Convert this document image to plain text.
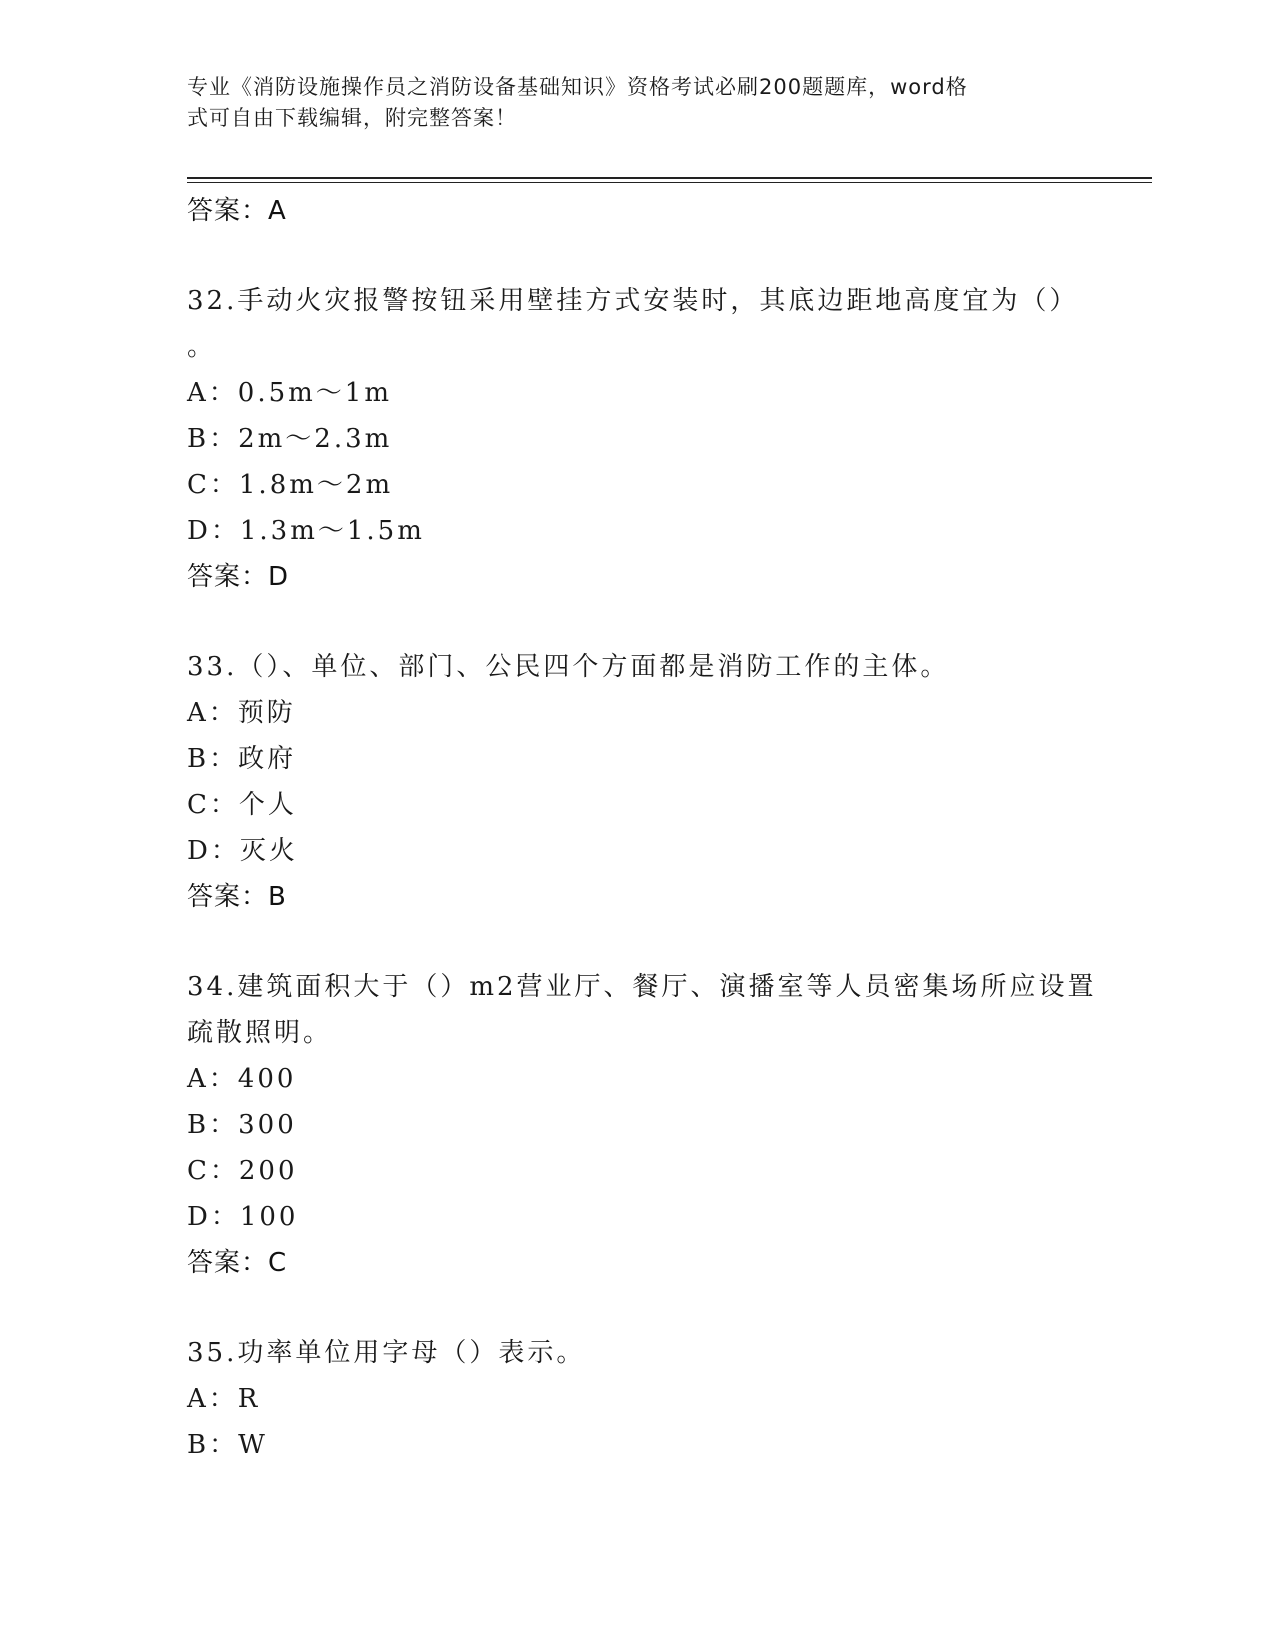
专业《消防设施操作员之消防设备基础知识》资格考试必刷200题题库，word格
式可自由下载编辑，附完整答案！
答案：A
32.手动火灾报警按钮采用壁挂方式安装时，其底边距地高度宜为（）
。
A：0.5m～1m
B：2m～2.3m
C：1.8m～2m
D：1.3m～1.5m
答案：D
33.（）、单位、部门、公民四个方面都是消防工作的主体。
A：预防
B：政府
C：个人
D：灭火
答案：B
34.建筑面积大于（）m2营业厅、餐厅、演播室等人员密集场所应设置
疏散照明。
A：400
B：300
C：200
D：100
答案：C
35.功率单位用字母（）表示。
A：R
B：W
